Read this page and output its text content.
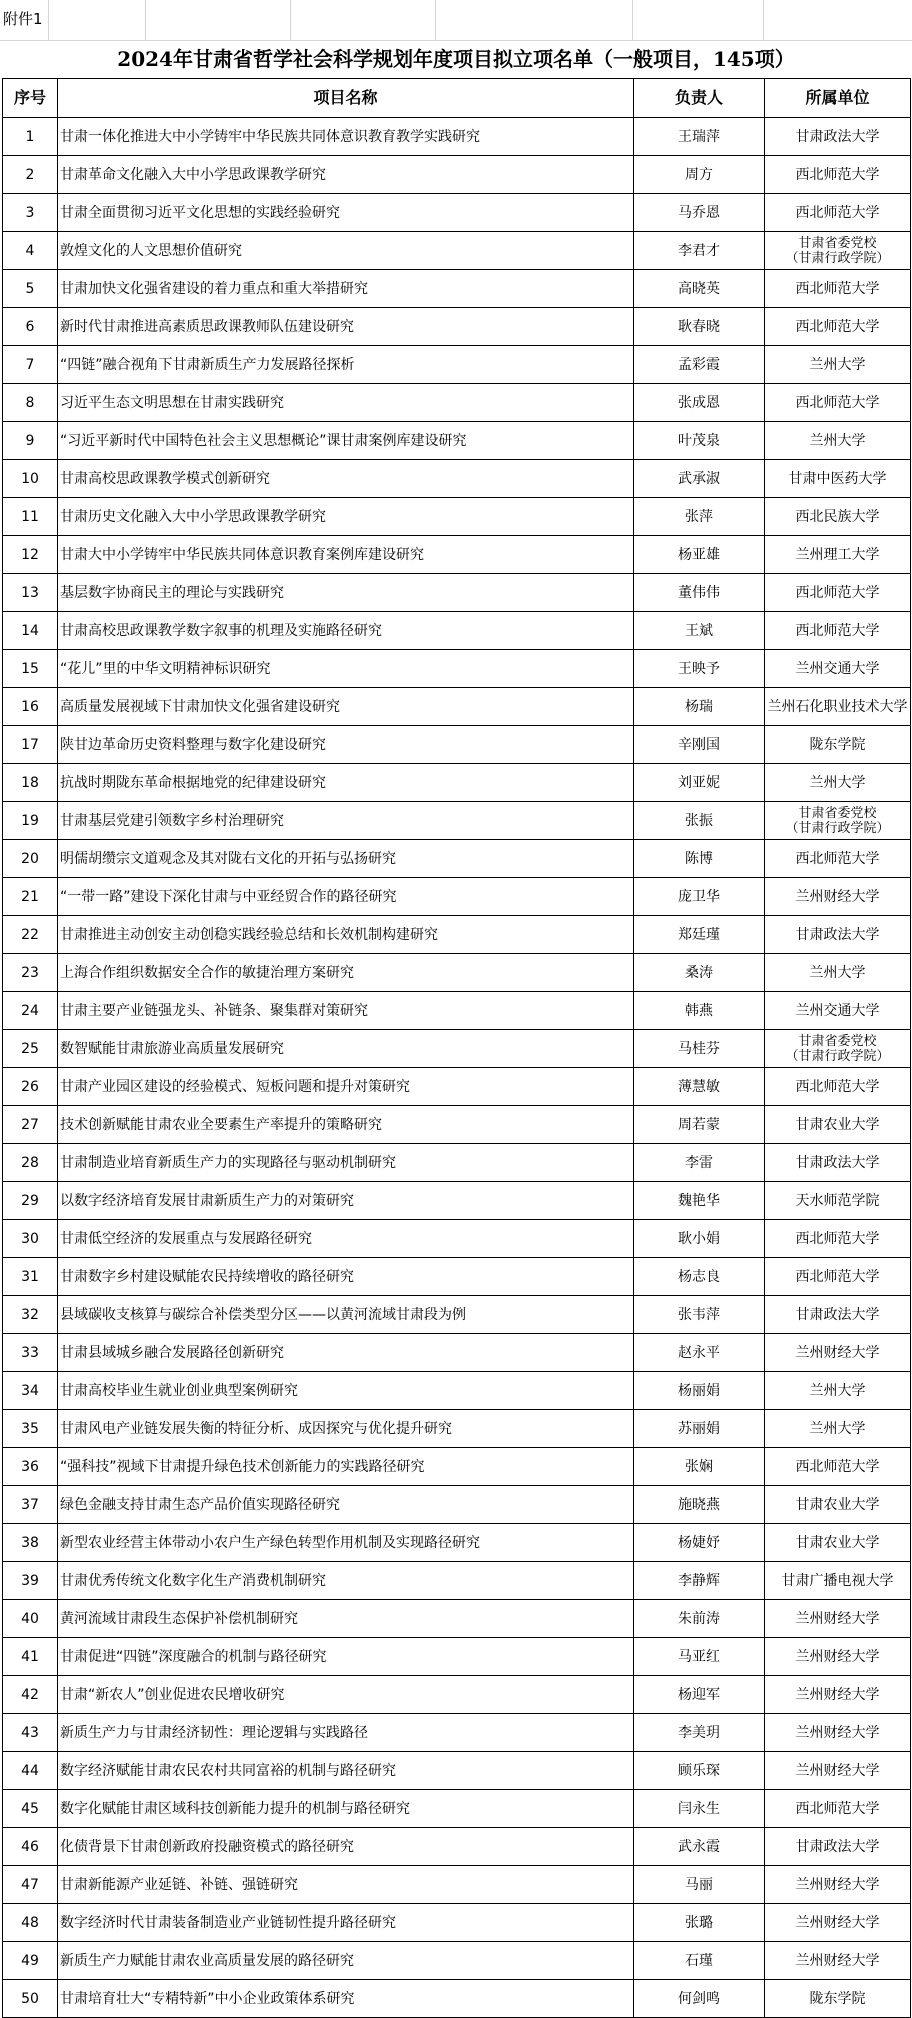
附件1
2024年甘肃省哲学社会科学规划年度项目拟立项名单（一般项目，145项）
序号	项目名称	负责人	所属单位
1	甘肃一体化推进大中小学铸牢中华民族共同体意识教育教学实践研究	王瑞萍	甘肃政法大学
2	甘肃革命文化融入大中小学思政课教学研究	周方	西北师范大学
3	甘肃全面贯彻习近平文化思想的实践经验研究	马乔恩	西北师范大学
4	敦煌文化的人文思想价值研究	李君才	甘肃省委党校
（甘肃行政学院）
5	甘肃加快文化强省建设的着力重点和重大举措研究	高晓英	西北师范大学
6	新时代甘肃推进高素质思政课教师队伍建设研究	耿春晓	西北师范大学
7	“四链”融合视角下甘肃新质生产力发展路径探析	孟彩霞	兰州大学
8	习近平生态文明思想在甘肃实践研究	张成恩	西北师范大学
9	“习近平新时代中国特色社会主义思想概论”课甘肃案例库建设研究	叶茂泉	兰州大学
10	甘肃高校思政课教学模式创新研究	武承淑	甘肃中医药大学
11	甘肃历史文化融入大中小学思政课教学研究	张萍	西北民族大学
12	甘肃大中小学铸牢中华民族共同体意识教育案例库建设研究	杨亚雄	兰州理工大学
13	基层数字协商民主的理论与实践研究	董伟伟	西北师范大学
14	甘肃高校思政课教学数字叙事的机理及实施路径研究	王斌	西北师范大学
15	“花儿”里的中华文明精神标识研究	王映予	兰州交通大学
16	高质量发展视域下甘肃加快文化强省建设研究	杨瑞	兰州石化职业技术大学
17	陕甘边革命历史资料整理与数字化建设研究	辛刚国	陇东学院
18	抗战时期陇东革命根据地党的纪律建设研究	刘亚妮	兰州大学
19	甘肃基层党建引领数字乡村治理研究	张振	甘肃省委党校
（甘肃行政学院）
20	明儒胡缵宗文道观念及其对陇右文化的开拓与弘扬研究	陈博	西北师范大学
21	“一带一路”建设下深化甘肃与中亚经贸合作的路径研究	庞卫华	兰州财经大学
22	甘肃推进主动创安主动创稳实践经验总结和长效机制构建研究	郑廷瑾	甘肃政法大学
23	上海合作组织数据安全合作的敏捷治理方案研究	桑涛	兰州大学
24	甘肃主要产业链强龙头、补链条、聚集群对策研究	韩燕	兰州交通大学
25	数智赋能甘肃旅游业高质量发展研究	马桂芬	甘肃省委党校
（甘肃行政学院）
26	甘肃产业园区建设的经验模式、短板问题和提升对策研究	薄慧敏	西北师范大学
27	技术创新赋能甘肃农业全要素生产率提升的策略研究	周若蒙	甘肃农业大学
28	甘肃制造业培育新质生产力的实现路径与驱动机制研究	李雷	甘肃政法大学
29	以数字经济培育发展甘肃新质生产力的对策研究	魏艳华	天水师范学院
30	甘肃低空经济的发展重点与发展路径研究	耿小娟	西北师范大学
31	甘肃数字乡村建设赋能农民持续增收的路径研究	杨志良	西北师范大学
32	县域碳收支核算与碳综合补偿类型分区——以黄河流域甘肃段为例	张韦萍	甘肃政法大学
33	甘肃县域城乡融合发展路径创新研究	赵永平	兰州财经大学
34	甘肃高校毕业生就业创业典型案例研究	杨丽娟	兰州大学
35	甘肃风电产业链发展失衡的特征分析、成因探究与优化提升研究	苏丽娟	兰州大学
36	“强科技”视域下甘肃提升绿色技术创新能力的实践路径研究	张娴	西北师范大学
37	绿色金融支持甘肃生态产品价值实现路径研究	施晓燕	甘肃农业大学
38	新型农业经营主体带动小农户生产绿色转型作用机制及实现路径研究	杨婕妤	甘肃农业大学
39	甘肃优秀传统文化数字化生产消费机制研究	李静辉	甘肃广播电视大学
40	黄河流域甘肃段生态保护补偿机制研究	朱前涛	兰州财经大学
41	甘肃促进“四链”深度融合的机制与路径研究	马亚红	兰州财经大学
42	甘肃“新农人”创业促进农民增收研究	杨迎军	兰州财经大学
43	新质生产力与甘肃经济韧性：理论逻辑与实践路径	李美玥	兰州财经大学
44	数字经济赋能甘肃农民农村共同富裕的机制与路径研究	顾乐琛	兰州财经大学
45	数字化赋能甘肃区域科技创新能力提升的机制与路径研究	闫永生	西北师范大学
46	化债背景下甘肃创新政府投融资模式的路径研究	武永霞	甘肃政法大学
47	甘肃新能源产业延链、补链、强链研究	马丽	兰州财经大学
48	数字经济时代甘肃装备制造业产业链韧性提升路径研究	张璐	兰州财经大学
49	新质生产力赋能甘肃农业高质量发展的路径研究	石瑾	兰州财经大学
50	甘肃培育壮大“专精特新”中小企业政策体系研究	何剑鸣	陇东学院
